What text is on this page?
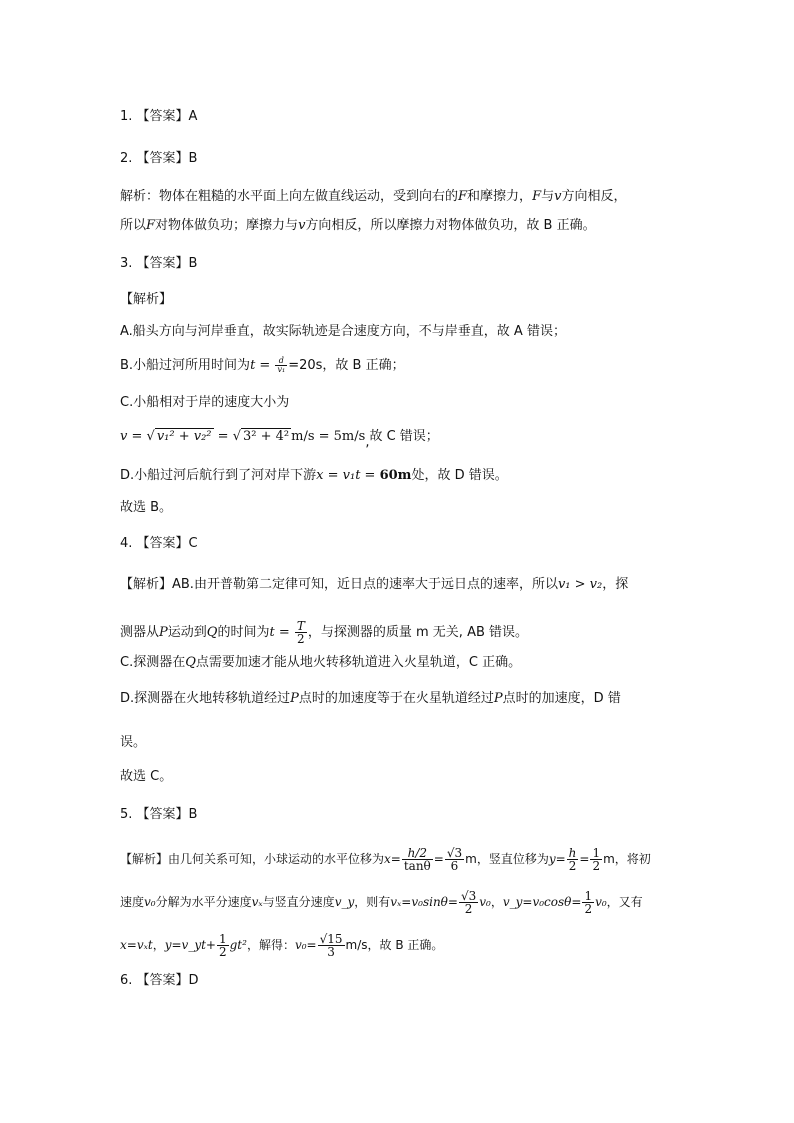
1. 【答案】A
2. 【答案】B
解析：物体在粗糙的水平面上向左做直线运动，受到向右的F和摩擦力，F与v方向相反，
所以F对物体做负功；摩擦力与v方向相反，所以摩擦力对物体做负功，故 B 正确。
3. 【答案】B
【解析】
A.船头方向与河岸垂直，故实际轨迹是合速度方向，不与岸垂直，故 A 错误；
B.小船过河所用时间为$t = \frac{d}{\text{v₁}} =20s$，故 B 正确；
C.小船相对于岸的速度大小为
v = √ v₁² + v₂² = √ 3² + 4² m/s = 5m/s,故 C 错误；
D.小船过河后航行到了河对岸下游x = v₁t = 60m处，故 D 错误。
故选 B。
4. 【答案】C
【解析】AB.由开普勒第二定律可知，近日点的速率大于远日点的速率，所以v₁ > v₂，探
测器从P运动到Q的时间为$t = \frac{T}{2}$ ，与探测器的质量 m 无关, AB 错误。
C.探测器在Q点需要加速才能从地火转移轨道进入火星轨道，C 正确。
D.探测器在火地转移轨道经过P点时的加速度等于在火星轨道经过P点时的加速度，D 错
误。
故选 C。
5. 【答案】B
【解析】由几何关系可知，小球运动的水平位移为$x= \frac{h/2}{\tan\theta} = \frac{√3}{6}$ m，竖直位移为$y= \frac{h}{2} = \frac{1}{2}$ m，将初
速度v₀分解为水平分速度vₓ与竖直分速度v_y，则有$v_x=v_0\sin\theta= \frac{√3}{2} v_0$，v_y=v₀cosθ= $\frac{1}{2} v_0$，又有
x=vₓt，y=v_yt+ $\frac{1}{2} gt^2$，解得：$v_0= \frac{√15}{3} m/s$，故 B 正确。
6. 【答案】D
